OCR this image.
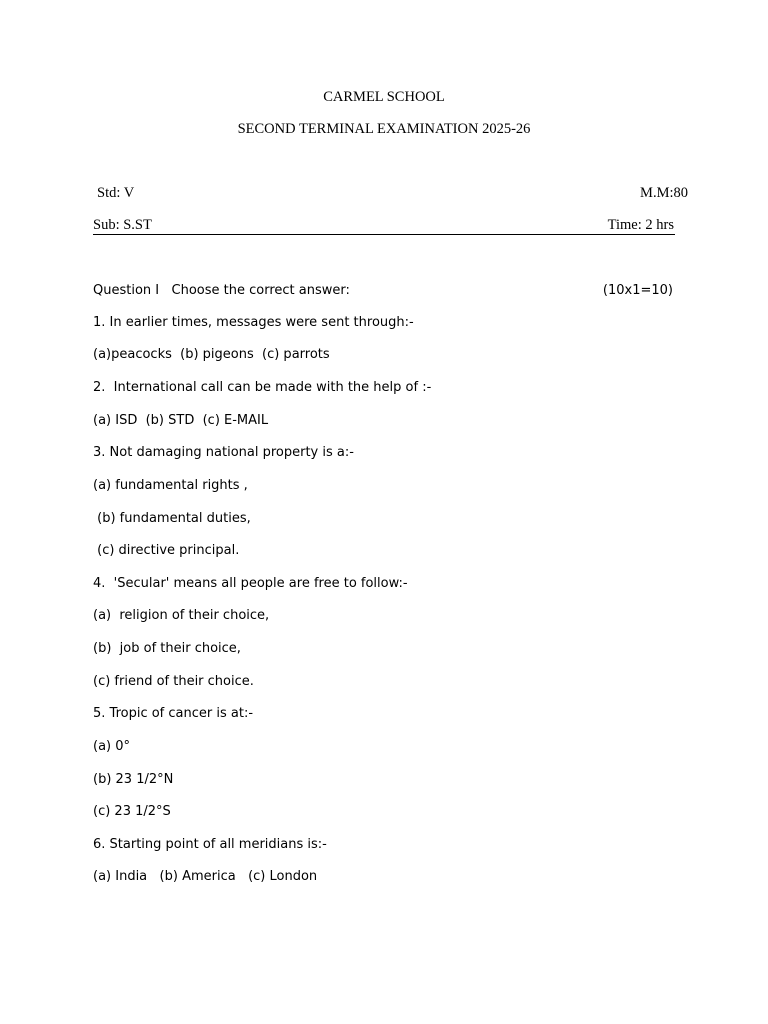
CARMEL SCHOOL
SECOND TERMINAL EXAMINATION 2025-26
Std: V	M.M:80
Sub: S.ST	Time: 2 hrs
Question I   Choose the correct answer:	(10x1=10)
1. In earlier times, messages were sent through:-
(a)peacocks  (b) pigeons  (c) parrots
2.  International call can be made with the help of :-
(a) ISD  (b) STD  (c) E-MAIL
3. Not damaging national property is a:-
(a) fundamental rights ,
(b) fundamental duties,
(c) directive principal.
4.  'Secular' means all people are free to follow:-
(a)  religion of their choice,
(b)  job of their choice,
(c) friend of their choice.
5. Tropic of cancer is at:-
(a) 0°
(b) 23 1/2°N
(c) 23 1/2°S
6. Starting point of all meridians is:-
(a) India   (b) America   (c) London
